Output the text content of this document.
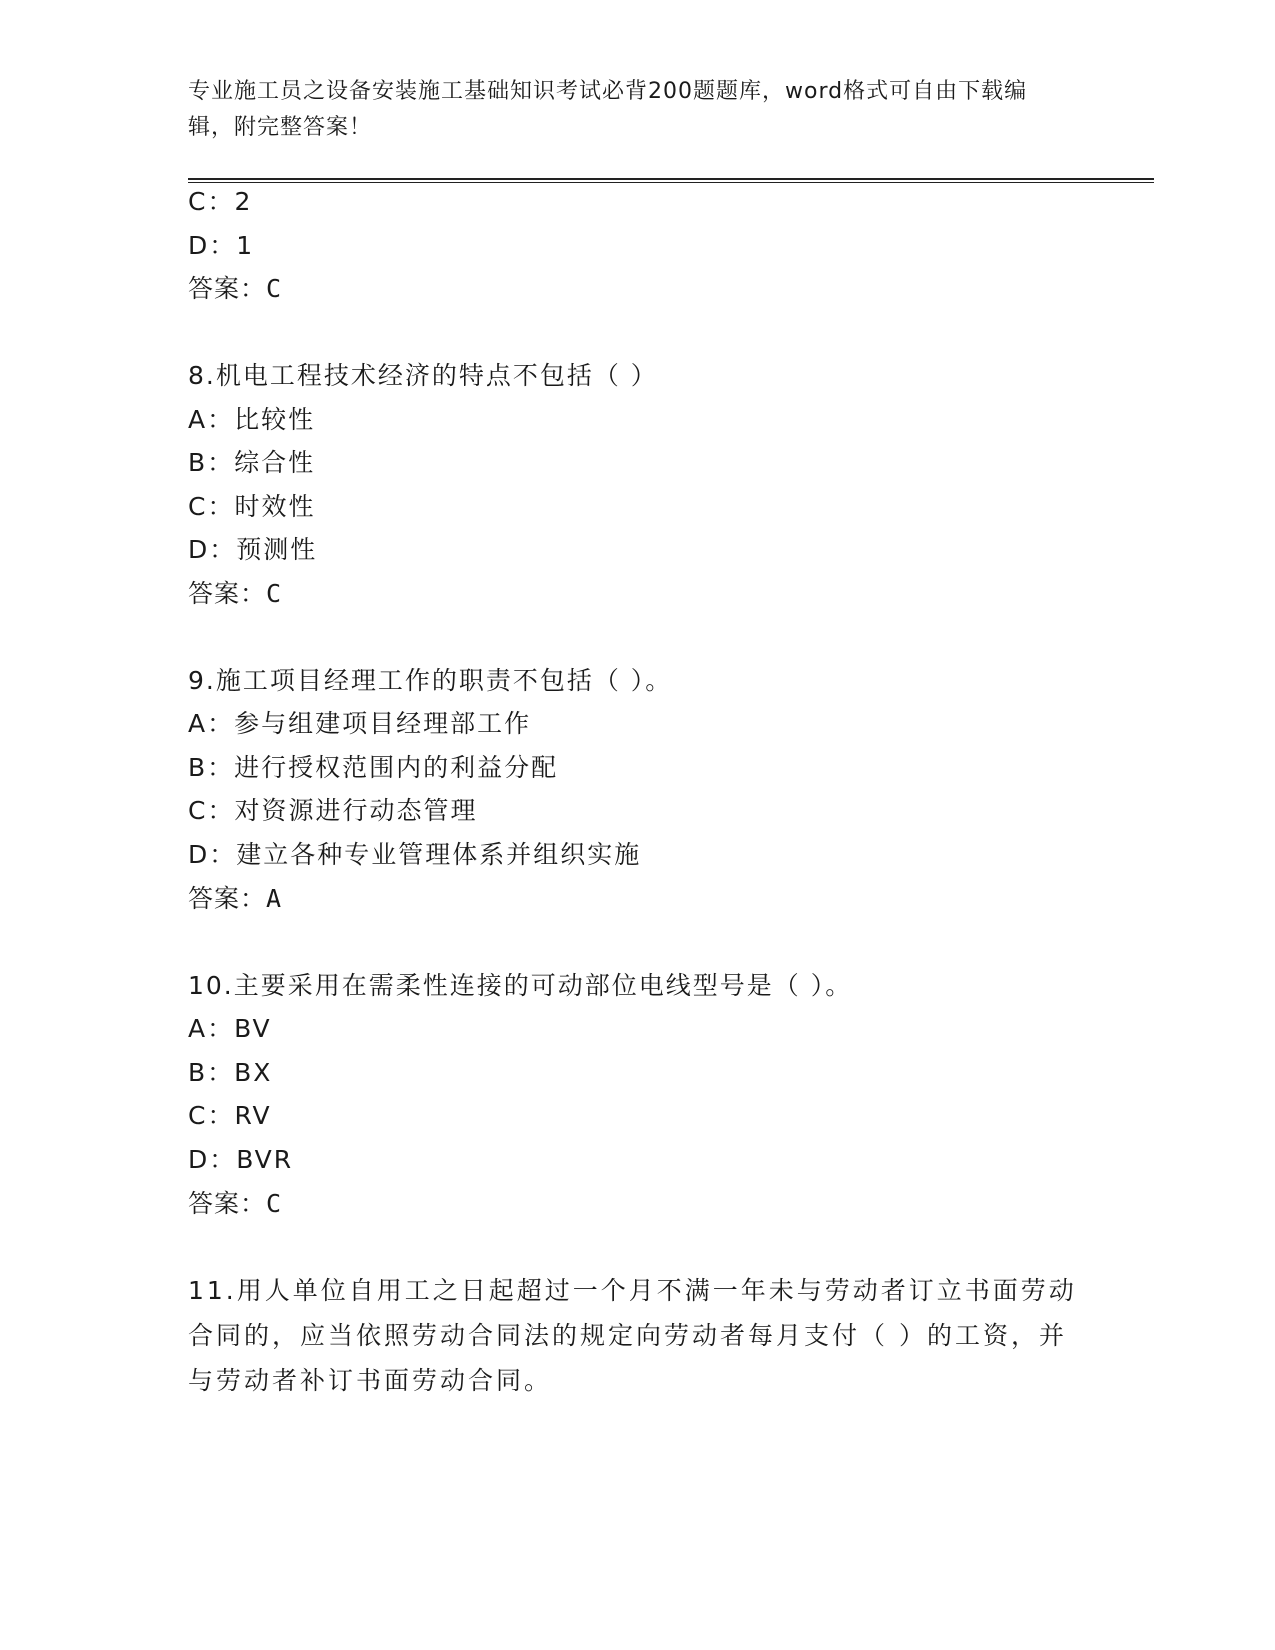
专业施工员之设备安装施工基础知识考试必背200题题库，word格式可自由下载编辑，附完整答案！
C：2
D：1
答案：C
8.机电工程技术经济的特点不包括（ ）
A：比较性
B：综合性
C：时效性
D：预测性
答案：C
9.施工项目经理工作的职责不包括（ ）。
A：参与组建项目经理部工作
B：进行授权范围内的利益分配
C：对资源进行动态管理
D：建立各种专业管理体系并组织实施
答案：A
10.主要采用在需柔性连接的可动部位电线型号是（ ）。
A：BV
B：BX
C：RV
D：BVR
答案：C
11.用人单位自用工之日起超过一个月不满一年未与劳动者订立书面劳动合同的，应当依照劳动合同法的规定向劳动者每月支付（ ）的工资，并与劳动者补订书面劳动合同。
